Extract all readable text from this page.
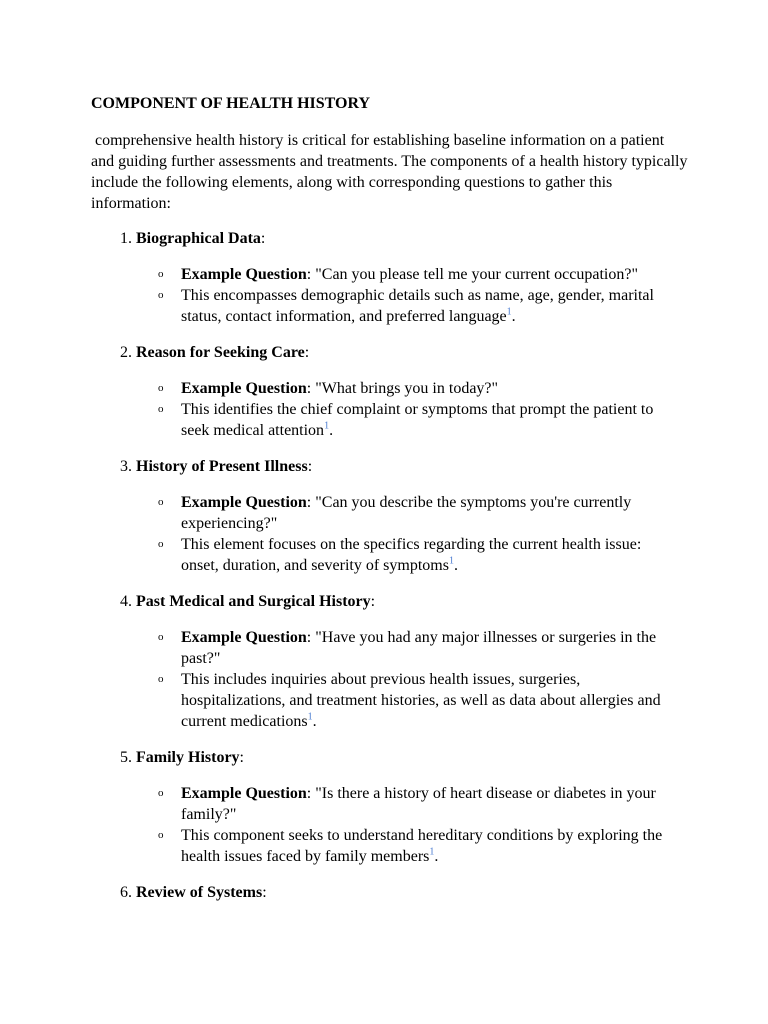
COMPONENT OF HEALTH HISTORY

comprehensive health history is critical for establishing baseline information on a patient and guiding further assessments and treatments. The components of a health history typically include the following elements, along with corresponding questions to gather this information:

1. Biographical Data:
o Example Question: "Can you please tell me your current occupation?"
o This encompasses demographic details such as name, age, gender, marital status, contact information, and preferred language$^1$.
2. Reason for Seeking Care:
o Example Question: "What brings you in today?"
o This identifies the chief complaint or symptoms that prompt the patient to seek medical attention$^1$.
3. History of Present Illness:
o Example Question: "Can you describe the symptoms you're currently experiencing?"
o This element focuses on the specifics regarding the current health issue: onset, duration, and severity of symptoms$^1$.
4. Past Medical and Surgical History:
o Example Question: "Have you had any major illnesses or surgeries in the past?"
o This includes inquiries about previous health issues, surgeries, hospitalizations, and treatment histories, as well as data about allergies and current medications$^1$.
5. Family History:
o Example Question: "Is there a history of heart disease or diabetes in your family?"
o This component seeks to understand hereditary conditions by exploring the health issues faced by family members$^1$.
6. Review of Systems:
